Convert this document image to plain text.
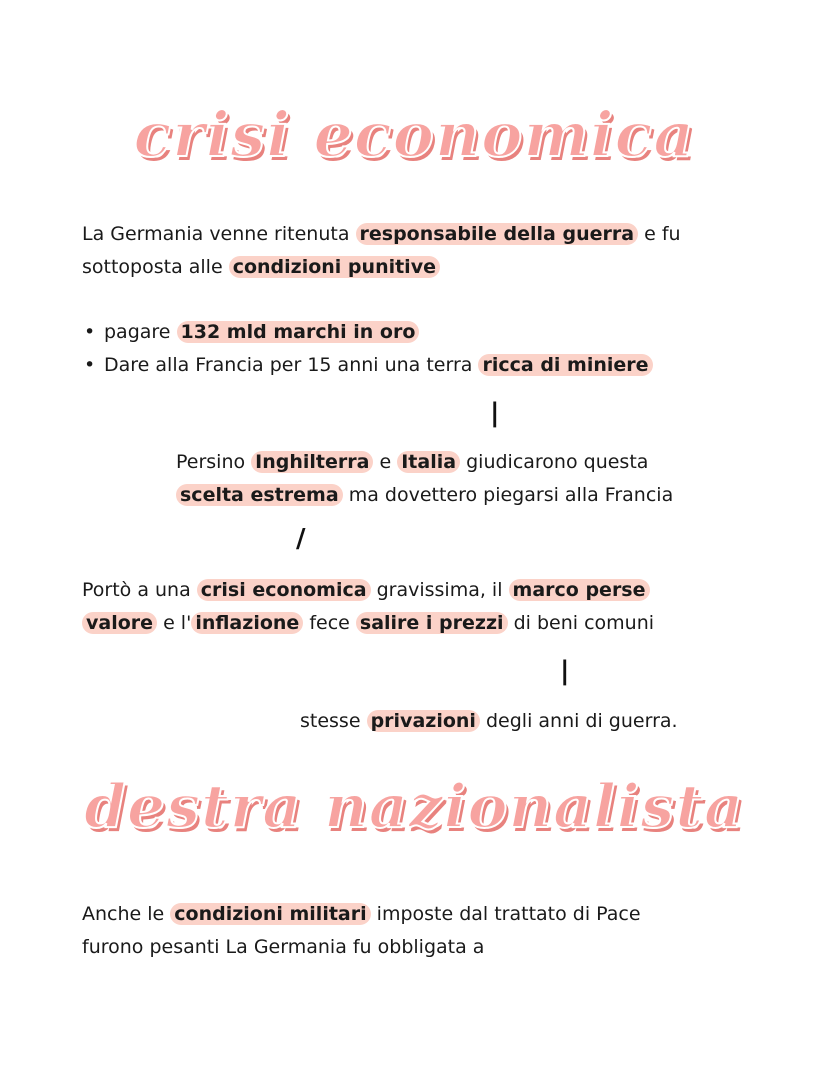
crisi economica
La Germania venne ritenuta responsabile della guerra e fu
sottoposta alle condizioni punitive
• pagare 132 mld marchi in oro
• Dare alla Francia per 15 anni una terra ricca di miniere
|
Persino Inghilterra e Italia giudicarono questa
scelta estrema ma dovettero piegarsi alla Francia
/
Portò a una crisi economica gravissima, il marco perse
valore e l' inflazione fece salire i prezzi di beni comuni
|
stesse privazioni degli anni di guerra.
destra nazionalista
Anche le condizioni militari imposte dal trattato di Pace
furono pesanti La Germania fu obbligata a
